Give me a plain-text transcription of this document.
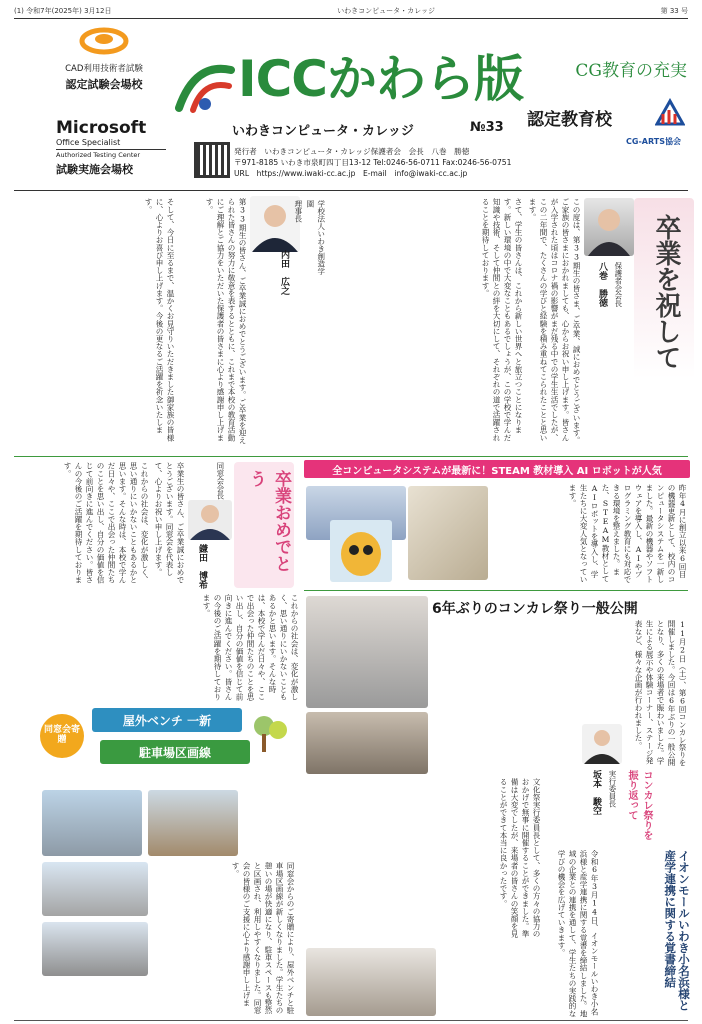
(1) 令和7年(2025年) 3月12日	いわきコンピュータ・カレッジ	第 33 号
CAD利用技術者試験
認定試験会場校
Microsoft
Office Specialist
Authorized Testing Center
試験実施会場校
ICCかわら版
いわきコンピュータ・カレッジ	№33
発行者　いわきコンピュータ・カレッジ保護者会　会長　八巻　勝徳
〒971-8185 いわき市泉町四丁目13-12 Tel:0246-56-0711 Fax:0246-56-0751
URL　https://www.iwaki-cc.ac.jp　E-mail　info@iwaki-cc.ac.jp
CG教育の充実
認定教育校
CG-ARTS協会
卒業を祝して
保護者会会長
八巻　勝徳
この度は、第33期生の皆さま、ご卒業、誠におめでとうございます。ご家族の皆さまにおかれましても、心からお祝い申し上げます。皆さんが入学された頃はコロナ禍の影響がまだ残る中での学生生活でしたが、この二年間で、たくさんの学びと経験を積み重ねてこられたことと思います。
さて、学生の皆さんは、これから新しい世界へと旅立つことになります。新しい環境の中で大変なこともあるでしょうが、この学校で学んだ知識や技術、そして仲間との絆を大切にして、それぞれの道で活躍されることを期待しております。
学校法人いわき創造学園
理事長
内田　広之
第33期生の皆さん、ご卒業誠におめでとうございます。ご卒業を迎えられた皆さんの努力に敬意を表するとともに、これまで本校の教育活動にご理解とご協力をいただいた保護者の皆さまに心より感謝申し上げます。
そして、今日に至るまで、温かくお見守りいただきました御家族の皆様に、心よりお喜び申し上げます。今後の更なるご活躍を祈念いたします。
卒業おめでとう
同窓会会長
鎌田　博希
卒業生の皆さん、ご卒業誠におめでとうございます。同窓会を代表して、心よりお祝い申し上げます。
これからの社会は、変化が激しく、思い通りにいかないこともあるかと思います。そんな時は、本校で学んだ日々や、ここで出会った仲間たちのことを思い出し、自分の価値を信じて前向きに進んでください。皆さんの今後のご活躍を期待しております。
これからの社会は、変化が激しく、思い通りにいかないこともあるかと思います。そんな時は、本校で学んだ日々や、ここで出会った仲間たちのことを思い出し、自分の価値を信じて前向きに進んでください。皆さんの今後のご活躍を期待しております。
全コンピュータシステムが最新に！STEAM 教材導入 AI ロボットが人気
昨年4月に創立以来6回目の機器更新として、校内のコンピュータシステムを一新しました。最新の機器やソフトウェアを導入し、AIやプログラミング教育にも対応できる環境を整えました。また、STEAM教材としてAIロボットを導入し、学生たちに大変人気となっています。
6年ぶりのコンカレ祭り一般公開
11月2日（土）、第6回コンカレ祭りを開催しました。今回は6年ぶりの一般公開となり、多くの来場者で賑わいました。学生による展示や体験コーナー、ステージ発表など、様々な企画が行われました。
文化祭実行委員長として、多くの方々の協力のおかげで無事に開催することができました。準備は大変でしたが、来場者の皆さんの笑顔を見ることができて本当に良かったです。	コンカレ祭りを振り返って
実行委員長
坂本　駿空
同窓会寄贈
屋外ベンチ 一新
駐車場区画線
同窓会からのご寄贈により、屋外ベンチと駐車場区画線が新しくなりました。学生たちの憩いの場が快適になり、駐車スペースも整然と区画され、利用しやすくなりました。同窓会の皆様のご支援に心より感謝申し上げます。	イオンモールいわき小名浜様と産学連携に関する覚書締結
令和6年3月14日、イオンモールいわき小名浜様と産学連携に関する覚書を締結しました。地域の企業との連携を通して、学生たちの実践的な学びの機会を広げていきます。
